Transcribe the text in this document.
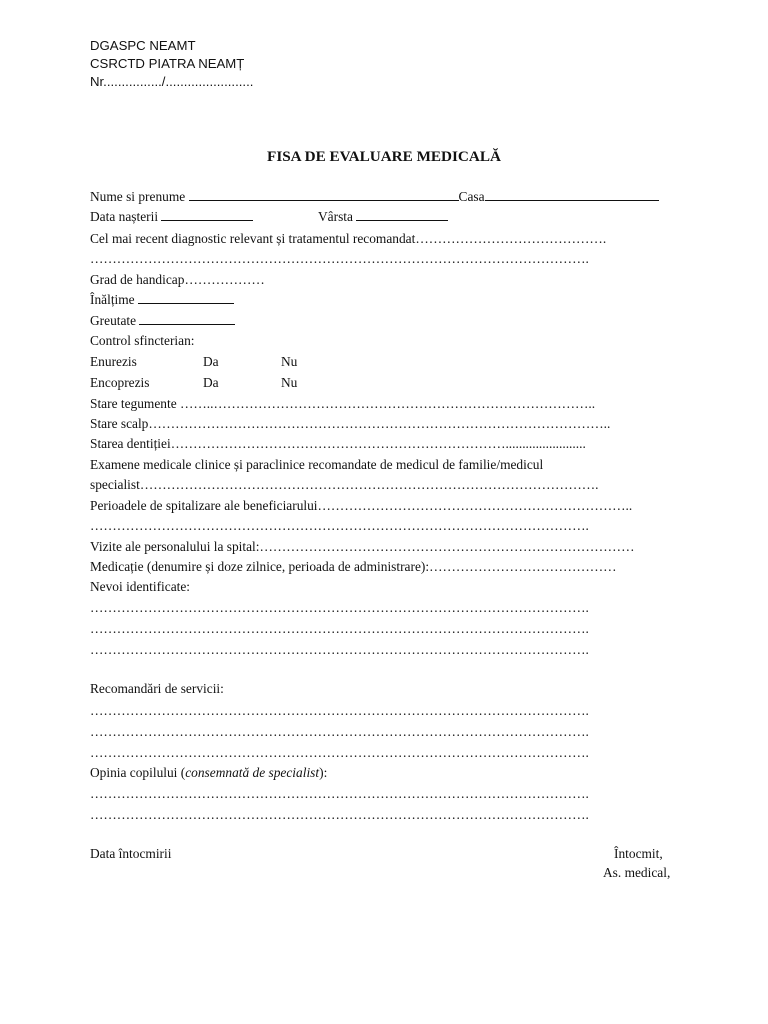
DGASPC NEAMT
CSRCTD PIATRA NEAMȚ
Nr................/........................
FISA DE EVALUARE MEDICALĂ
Nume si prenume	Casa
Data nașterii	Vârsta
Cel mai recent diagnostic relevant și tratamentul recomandat…………………………………….
………………………………………………………………………………………………….
Grad de handicap………………
Înălțime
Greutate
Control sfincterian:
Enurezis	Da	Nu
Encoprezis	Da	Nu
Stare tegumente ……..…………………………………………………………………………..
Stare scalp…………………………………………………………………………………………..
Starea dentiției…………………………………………………………………........................
Examene medicale clinice și paraclinice recomandate de medicul de familie/medicul
specialist………………………………………………………………………………………….
Perioadele de spitalizare ale beneficiarului……………………………………………………………..
………………………………………………………………………………………………….
Vizite ale personalului la spital:…………………………………………………………………………
Medicație (denumire și doze zilnice, perioada de administrare):……………………………………
Nevoi identificate:
………………………………………………………………………………………………….
………………………………………………………………………………………………….
………………………………………………………………………………………………….
Recomandări de servicii:
………………………………………………………………………………………………….
………………………………………………………………………………………………….
………………………………………………………………………………………………….
Opinia copilului (consemnată de specialist):
………………………………………………………………………………………………….
………………………………………………………………………………………………….
Data întocmirii	Întocmit,
As. medical,
